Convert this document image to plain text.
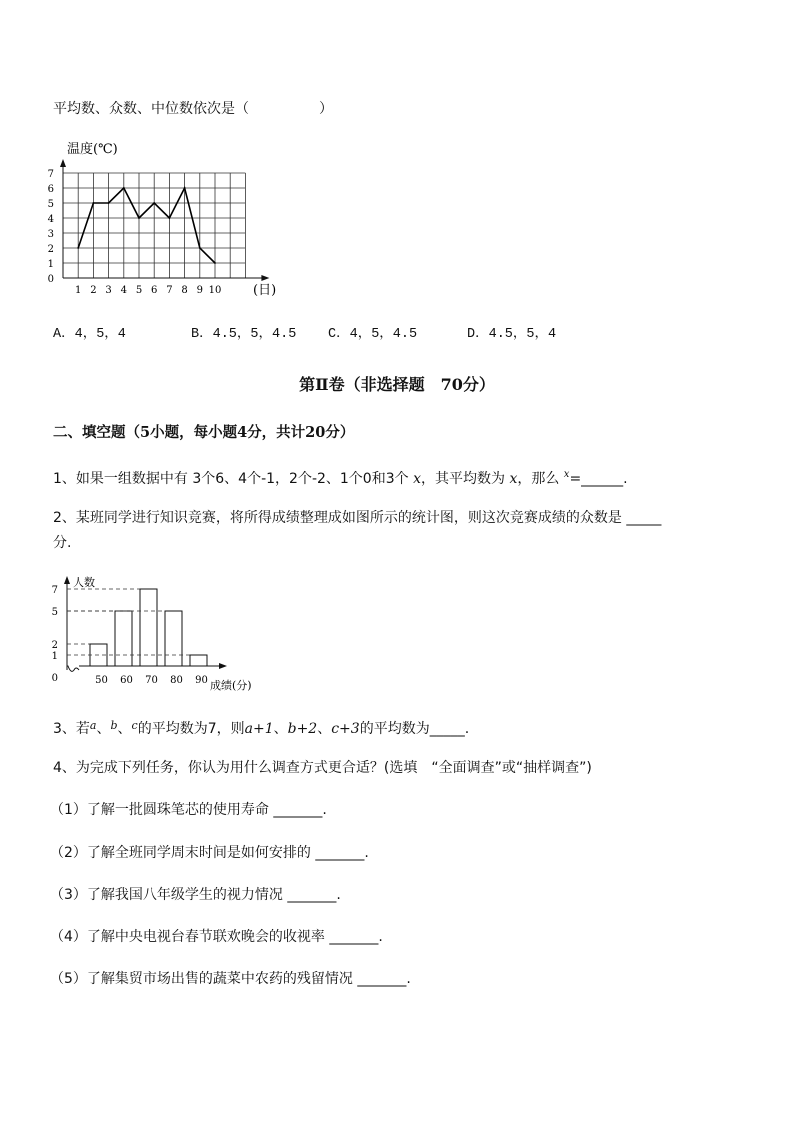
平均数、众数、中位数依次是（　　　　　）
温度(℃)
(日)
0
1
2
3
4
5
6
7
1 2 3 4 5 6 7 8 9 10
A．4，5，4	B．4.5，5，4.5 C．4，5，4.5	D．4.5，5，4
第Ⅱ卷（非选择题　70分）
二、填空题（5小题，每小题4分，共计20分）
1、如果一组数据中有 3个6、4个-1，2个-2、1个0和3个 x，其平均数为 x，那么 $^x$=______.
2、某班同学进行知识竞赛，将所得成绩整理成如图所示的统计图，则这次竞赛成绩的众数是 _____
分.
人数
成绩(分)
0
1
2
5
7
50 60 70 80 90
3、若$^a$、$^b$、$^c$的平均数为7，则a+1、b+2、c+3的平均数为_____.
4、为完成下列任务，你认为用什么调查方式更合适？(选填　“全面调查”或“抽样调查”)
（1）了解一批圆珠笔芯的使用寿命 _______.
（2）了解全班同学周末时间是如何安排的 _______.
（3）了解我国八年级学生的视力情况 _______.
（4）了解中央电视台春节联欢晚会的收视率 _______.
（5）了解集贸市场出售的蔬菜中农药的残留情况 _______.
